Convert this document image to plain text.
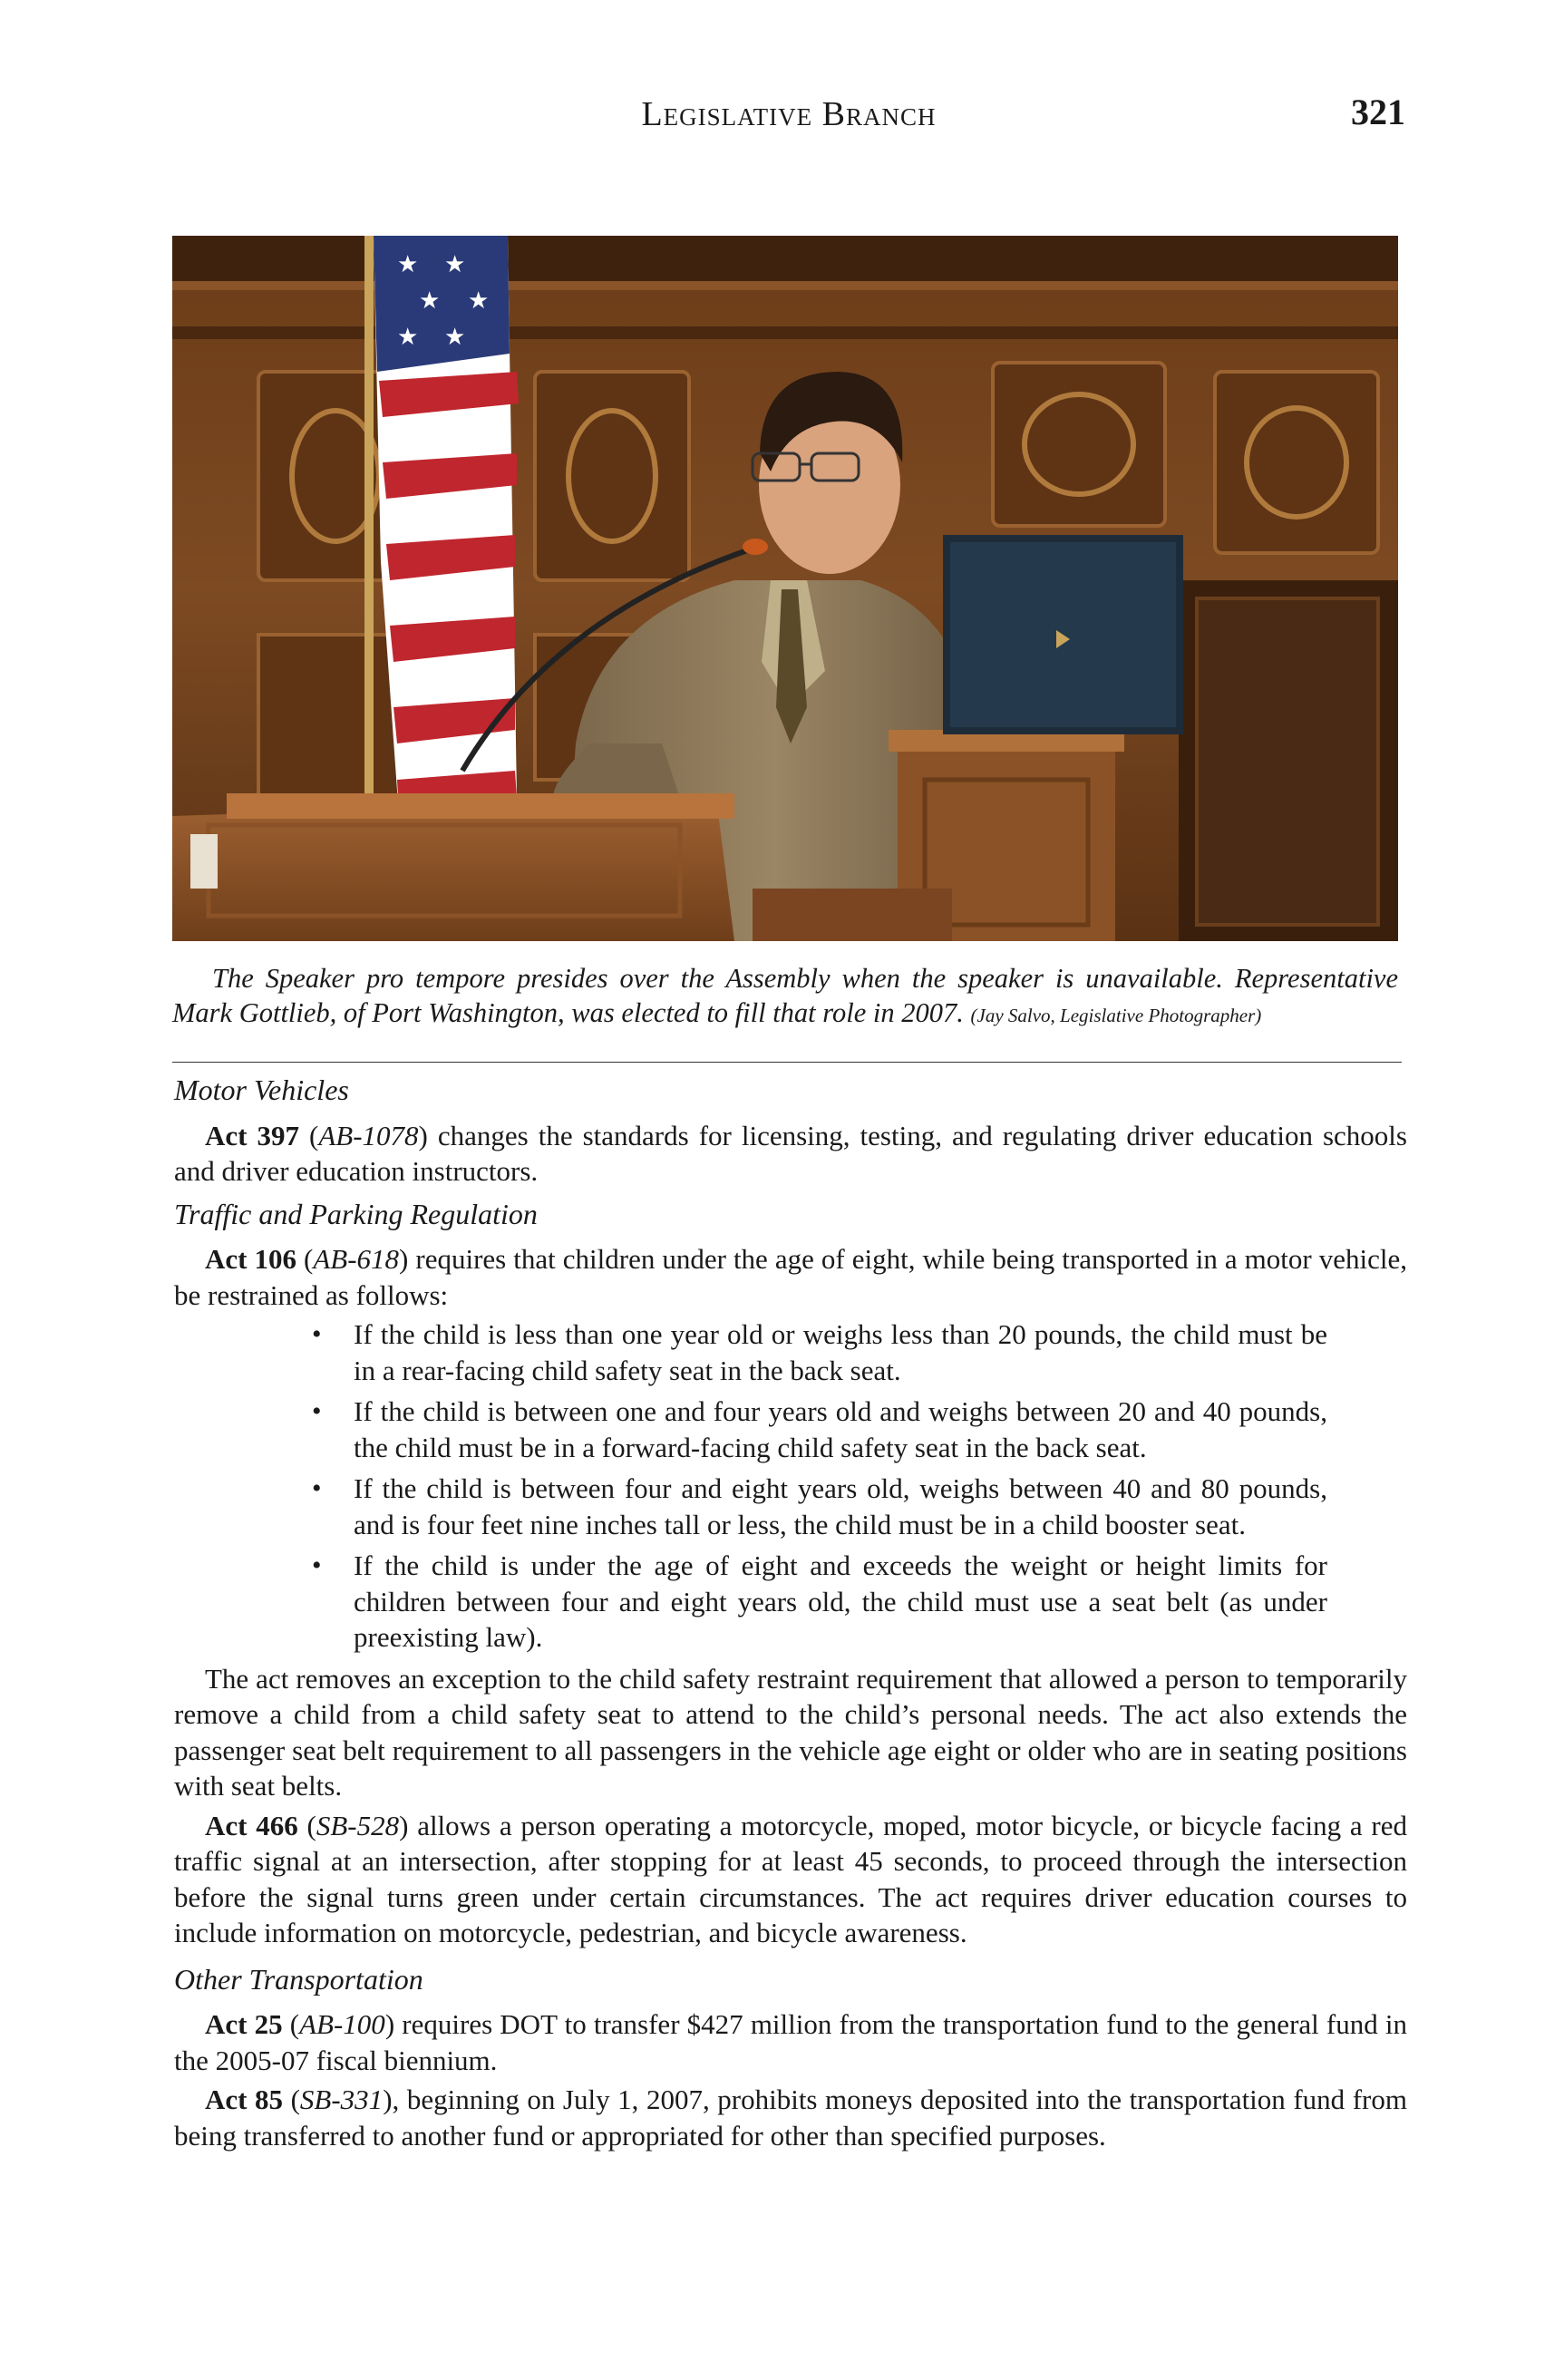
Legislative Branch	321
★ ★
★ ★
★ ★
The Speaker pro tempore presides over the Assembly when the speaker is unavailable. Representative Mark Gottlieb, of Port Washington, was elected to fill that role in 2007. (Jay Salvo, Legislative Photographer)
Motor Vehicles

Act 397 (AB-1078) changes the standards for licensing, testing, and regulating driver education schools and driver education instructors.

Traffic and Parking Regulation

Act 106 (AB-618) requires that children under the age of eight, while being transported in a motor vehicle, be restrained as follows:

• If the child is less than one year old or weighs less than 20 pounds, the child must be in a rear-facing child safety seat in the back seat.
• If the child is between one and four years old and weighs between 20 and 40 pounds, the child must be in a forward-facing child safety seat in the back seat.
• If the child is between four and eight years old, weighs between 40 and 80 pounds, and is four feet nine inches tall or less, the child must be in a child booster seat.
• If the child is under the age of eight and exceeds the weight or height limits for children between four and eight years old, the child must use a seat belt (as under preexisting law).

The act removes an exception to the child safety restraint requirement that allowed a person to temporarily remove a child from a child safety seat to attend to the child’s personal needs. The act also extends the passenger seat belt requirement to all passengers in the vehicle age eight or older who are in seating positions with seat belts.

Act 466 (SB-528) allows a person operating a motorcycle, moped, motor bicycle, or bicycle facing a red traffic signal at an intersection, after stopping for at least 45 seconds, to proceed through the intersection before the signal turns green under certain circumstances. The act requires driver education courses to include information on motorcycle, pedestrian, and bicycle awareness.

Other Transportation

Act 25 (AB-100) requires DOT to transfer $427 million from the transportation fund to the general fund in the 2005-07 fiscal biennium.

Act 85 (SB-331), beginning on July 1, 2007, prohibits moneys deposited into the transportation fund from being transferred to another fund or appropriated for other than specified purposes.
